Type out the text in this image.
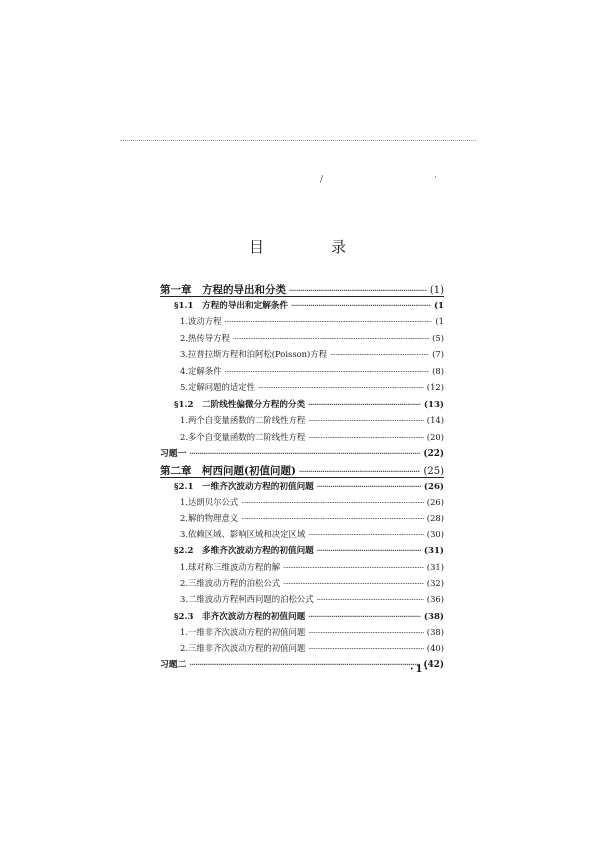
/	·
目　录
第一章　方程的导出和分类 ·····	(1)
§1.1　方程的导出和定解条件 ·····	(1
1.波动方程 ·····	(1
2.热传导方程 ·····	(5)
3.拉普拉斯方程和泊阿松(Poisson)方程 ·····	(7)
4.定解条件 ·····	(8)
5.定解问题的适定性 ·····	(12)
§1.2　二阶线性偏微分方程的分类 ·····	(13)
1.两个自变量函数的二阶线性方程 ·····	(14)
2.多个自变量函数的二阶线性方程 ·····	(20)
习题一 ·····	(22)
第二章　柯西问题(初值问题) ·····	(25)
§2.1　一维齐次波动方程的初值问题 ·····	(26)
1.达朗贝尔公式 ·····	(26)
2.解的物理意义 ·····	(28)
3.依赖区域、影响区域和决定区域 ·····	(30)
§2.2　多维齐次波动方程的初值问题 ·····	(31)
1.球对称三维波动方程的解 ·····	(31)
2.三维波动方程的泊松公式 ·····	(32)
3.二维波动方程柯西问题的泊松公式 ·····	(36)
§2.3　非齐次波动方程的初值问题 ·····	(38)
1.一维非齐次波动方程的初值问题 ·····	(38)
2.三维非齐次波动方程的初值问题 ·····	(40)
习题二 ·····	(42)
·1·
